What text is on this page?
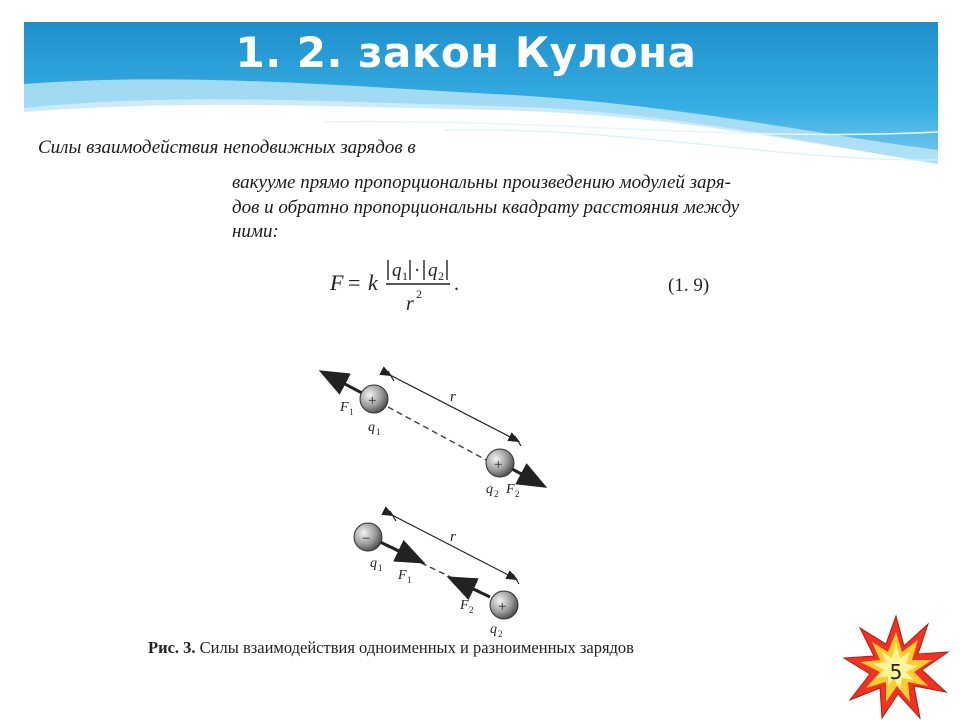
1. 2. закон Кулона

Силы взаимодействия неподвижных зарядов в

вакууме прямо пропорциональны произведению модулей заря-

дов и обратно пропорциональны квадрату расстояния между

ними:

F = k q 1 · q 2
r 2 .	(1. 9)
r
+
+
F 1
q 1
q 2 F 2
r
−
+
q 1 F 1
F 2
q 2
Рис. 3. Силы взаимодействия одноименных и разноименных зарядов
5
